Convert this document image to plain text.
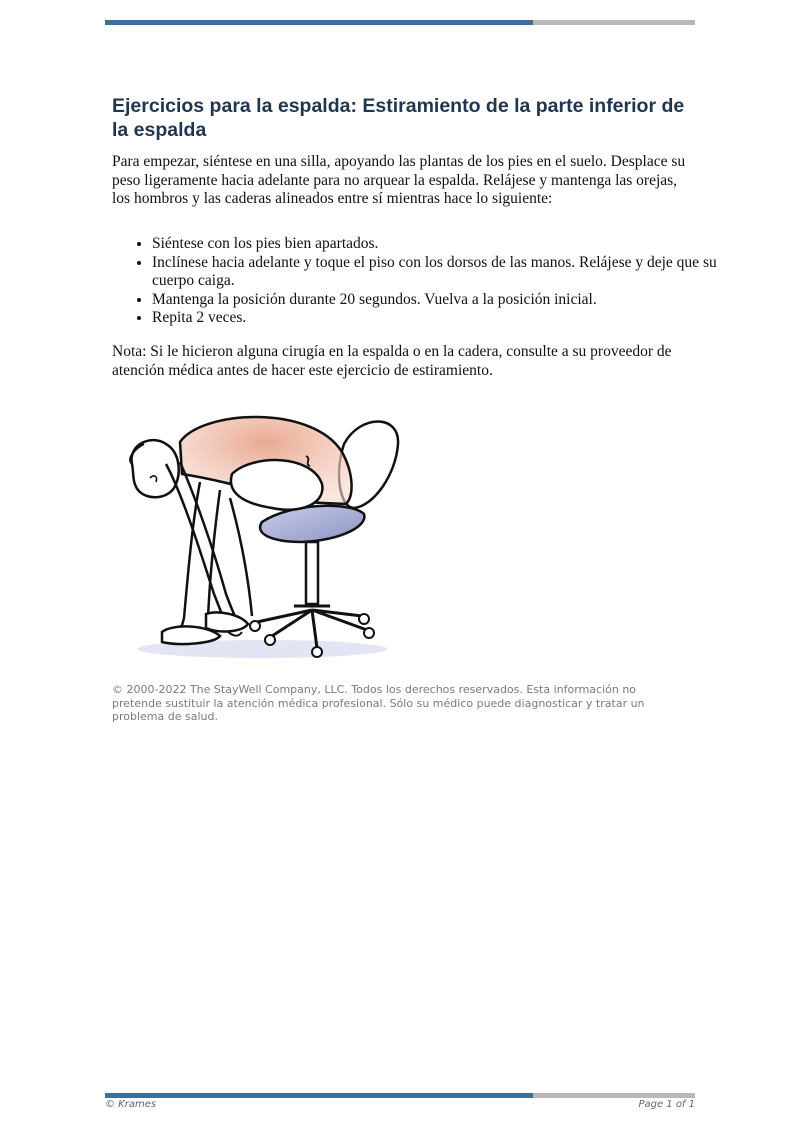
Ejercicios para la espalda: Estiramiento de la parte inferior de la espalda

Para empezar, siéntese en una silla, apoyando las plantas de los pies en el suelo. Desplace su peso ligeramente hacia adelante para no arquear la espalda. Relájese y mantenga las orejas, los hombros y las caderas alineados entre sí mientras hace lo siguiente:

• Siéntese con los pies bien apartados.
• Inclínese hacia adelante y toque el piso con los dorsos de las manos. Relájese y deje que su cuerpo caiga.
• Mantenga la posición durante 20 segundos. Vuelva a la posición inicial.
• Repita 2 veces.

Nota: Si le hicieron alguna cirugía en la espalda o en la cadera, consulte a su proveedor de atención médica antes de hacer este ejercicio de estiramiento.

© 2000-2022 The StayWell Company, LLC. Todos los derechos reservados. Esta información no pretende sustituir la atención médica profesional. Sólo su médico puede diagnosticar y tratar un problema de salud.

© Krames	Page 1 of 1
